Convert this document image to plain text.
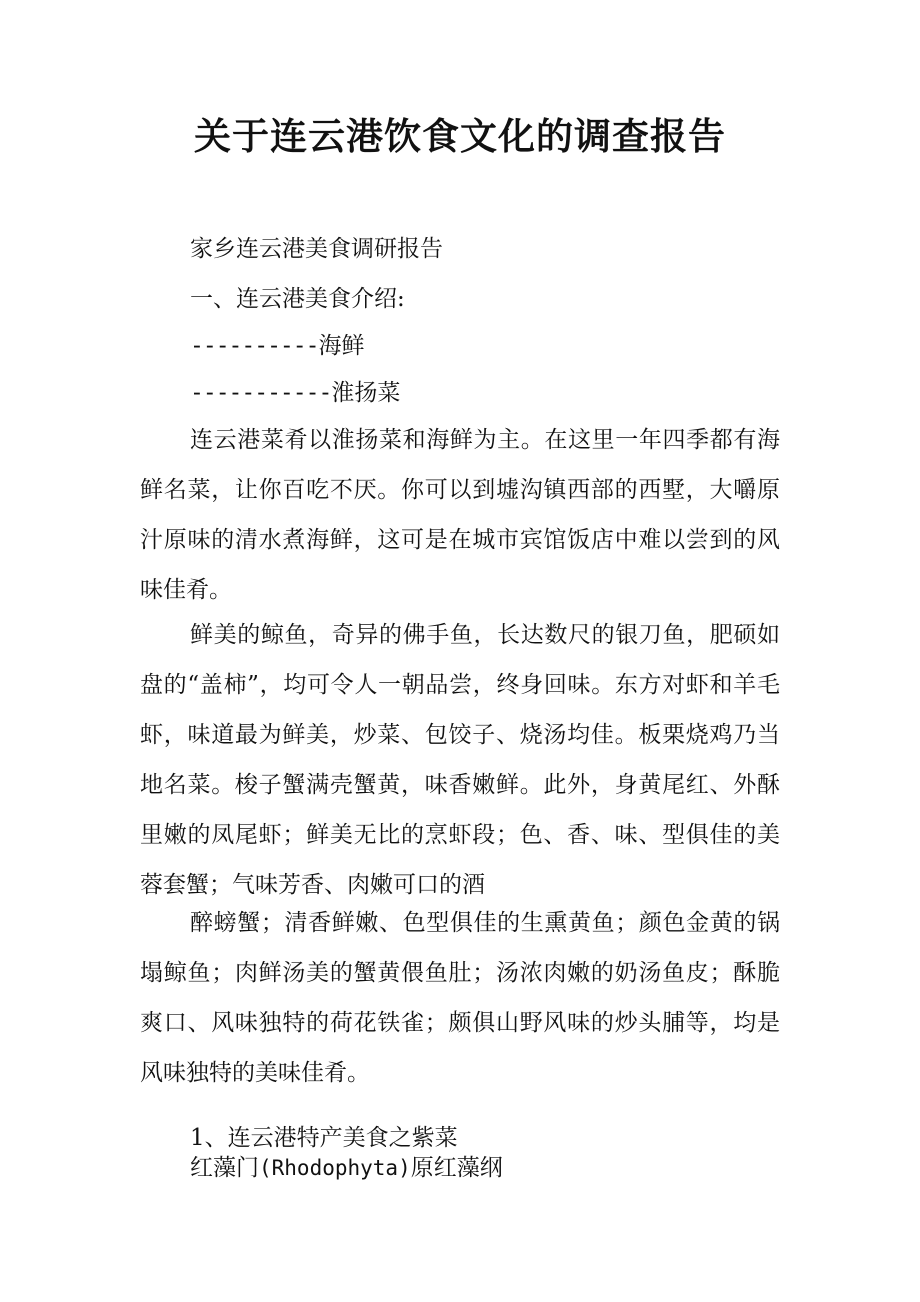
关于连云港饮食文化的调查报告

家乡连云港美食调研报告

一、连云港美食介绍:

----------海鲜

-----------淮扬菜

连云港菜肴以淮扬菜和海鲜为主。在这里一年四季都有海鲜名菜，让你百吃不厌。你可以到墟沟镇西部的西墅，大嚼原汁原味的清水煮海鲜，这可是在城市宾馆饭店中难以尝到的风味佳肴。

鲜美的鲸鱼，奇异的佛手鱼，长达数尺的银刀鱼，肥硕如盘的“盖柿”，均可令人一朝品尝，终身回味。东方对虾和羊毛虾，味道最为鲜美，炒菜、包饺子、烧汤均佳。板栗烧鸡乃当地名菜。梭子蟹满壳蟹黄，味香嫩鲜。此外，身黄尾红、外酥里嫩的凤尾虾；鲜美无比的烹虾段；色、香、味、型俱佳的美蓉套蟹；气味芳香、肉嫩可口的酒

醉螃蟹；清香鲜嫩、色型俱佳的生熏黄鱼；颜色金黄的锅塌鲸鱼；肉鲜汤美的蟹黄偎鱼肚；汤浓肉嫩的奶汤鱼皮；酥脆爽口、风味独特的荷花铁雀；颇俱山野风味的炒头脯等，均是风味独特的美味佳肴。

1、连云港特产美食之紫菜

红藻门(Rhodophyta)原红藻纲
